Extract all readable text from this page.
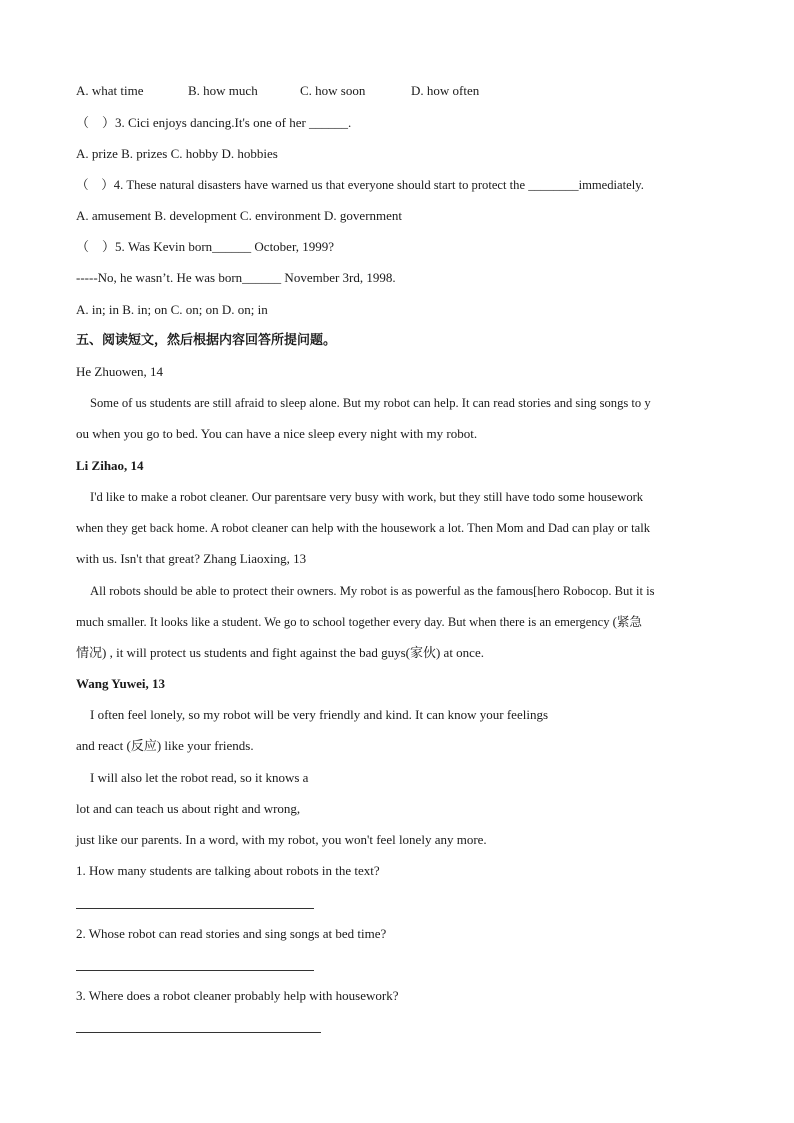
A. what time	B. how much	C. how soon	D. how often
（　）3. Cici enjoys dancing.It's one of her ______.
A. prize B. prizes C. hobby D. hobbies
（　）4. These natural disasters have warned us that everyone should start to protect the ________immediately.
A. amusement B. development C. environment D. government
（　）5. Was Kevin born______ October, 1999?
-----No, he wasn’t. He was born______ November 3rd, 1998.
A. in; in B. in; on C. on; on D. on; in
五、阅读短文，然后根据内容回答所提问题。
He Zhuowen, 14
Some of us students are still afraid to sleep alone. But my robot can help. It can read stories and sing songs to y
ou when you go to bed. You can have a nice sleep every night with my robot.
Li Zihao, 14
I'd like to make a robot cleaner. Our parentsare very busy with work, but they still have todo some housework
when they get back home. A robot cleaner can help with the housework a lot. Then Mom and Dad can play or talk
with us. Isn't that great? Zhang Liaoxing, 13
All robots should be able to protect their owners. My robot is as powerful as the famous[hero Robocop. But it is
much smaller. It looks like a student. We go to school together every day. But when there is an emergency (紧急
情况) , it will protect us students and fight against the bad guys(家伙) at once.
Wang Yuwei, 13
I often feel lonely, so my robot will be very friendly and kind. It can know your feelings
and react (反应) like your friends.
I will also let the robot read, so it knows a
lot and can teach us about right and wrong,
just like our parents. In a word, with my robot, you won't feel lonely any more.
1. How many students are talking about robots in the text?
2. Whose robot can read stories and sing songs at bed time?
3. Where does a robot cleaner probably help with housework?
